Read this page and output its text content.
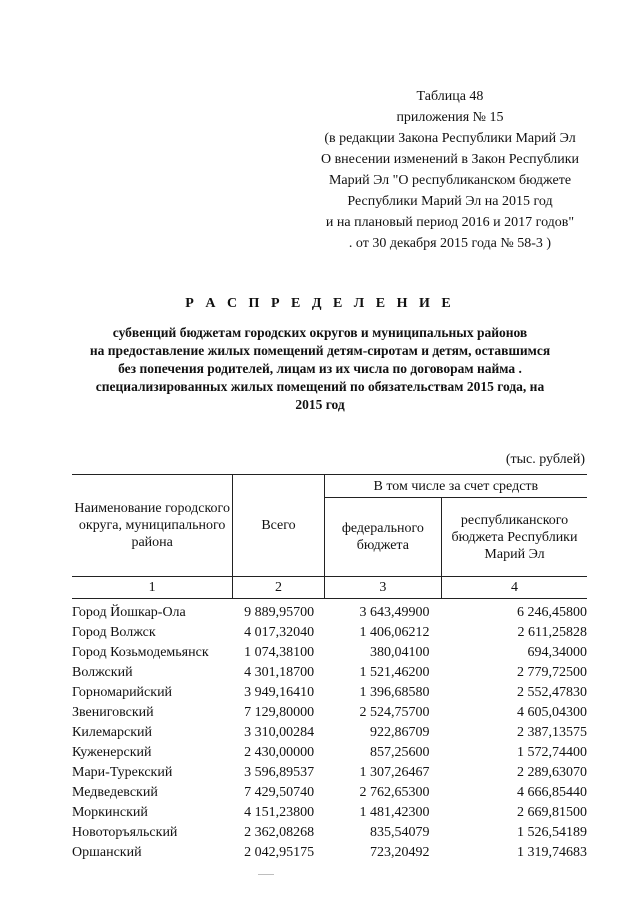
Таблица 48
приложения № 15
(в редакции Закона Республики Марий Эл
О внесении изменений в Закон Республики
Марий Эл "О республиканском бюджете
Республики Марий Эл на 2015 год
и на плановый период 2016 и 2017 годов"
. от 30 декабря 2015 года № 58-3 )
Р А С П Р Е Д Е Л Е Н И Е
субвенций бюджетам городских округов и муниципальных районов
на предоставление жилых помещений детям-сиротам и детям, оставшимся
без попечения родителей, лицам из их числа по договорам найма .
специализированных жилых помещений по обязательствам 2015 года, на
2015 год
(тыс. рублей)
Наименование городского округа, муниципального района	Всего	В том числе за счет средств	
		федерального бюджета	республиканского бюджета Республики Марий Эл
1	2	3	4
Город Йошкар-Ола	9 889,95700	3 643,49900	6 246,45800
Город Волжск	4 017,32040	1 406,06212	2 611,25828
Город Козьмодемьянск	1 074,38100	380,04100	694,34000
Волжский	4 301,18700	1 521,46200	2 779,72500
Горномарийский	3 949,16410	1 396,68580	2 552,47830
Звениговский	7 129,80000	2 524,75700	4 605,04300
Килемарский	3 310,00284	922,86709	2 387,13575
Куженерский	2 430,00000	857,25600	1 572,74400
Мари-Турекский	3 596,89537	1 307,26467	2 289,63070
Медведевский	7 429,50740	2 762,65300	4 666,85440
Моркинский	4 151,23800	1 481,42300	2 669,81500
Новоторъяльский	2 362,08268	835,54079	1 526,54189
Оршанский	2 042,95175	723,20492	1 319,74683
........
